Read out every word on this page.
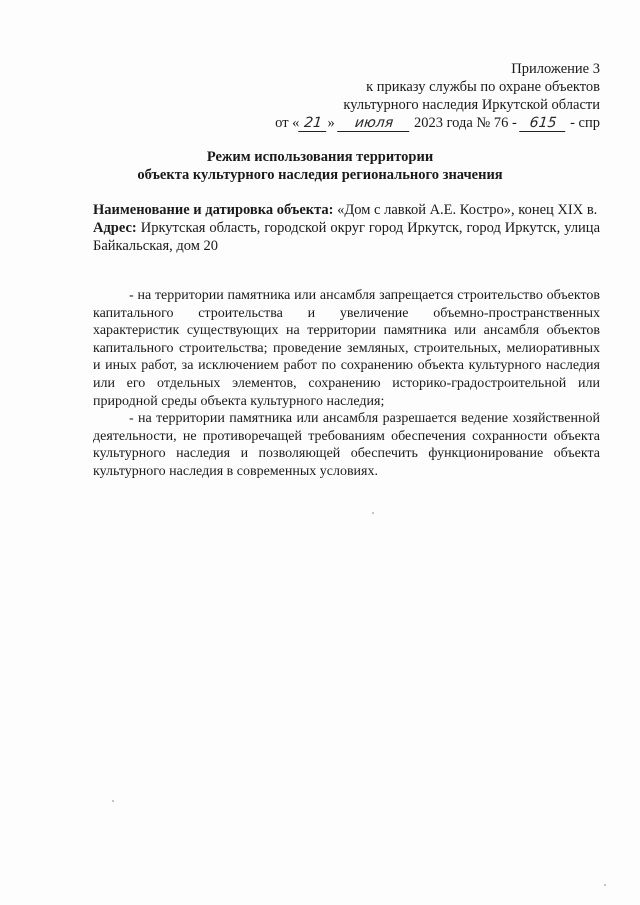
Приложение 3
к приказу службы по охране объектов
культурного наследия Иркутской области
от « 21 » июля 2023 года № 76 - 615 - спр
Режим использования территории
объекта культурного наследия регионального значения

Наименование и датировка объекта: «Дом с лавкой А.Е. Костро», конец XIX в.

Адрес: Иркутская область, городской округ город Иркутск, город Иркутск, улица Байкальская, дом 20

- на территории памятника или ансамбля запрещается строительство объектов капитального строительства и увеличение объемно-пространственных характеристик существующих на территории памятника или ансамбля объектов капитального строительства; проведение земляных, строительных, мелиоративных и иных работ, за исключением работ по сохранению объекта культурного наследия или его отдельных элементов, сохранению историко-градостроительной или природной среды объекта культурного наследия;

- на территории памятника или ансамбля разрешается ведение хозяйственной деятельности, не противоречащей требованиям обеспечения сохранности объекта культурного наследия и позволяющей обеспечить функционирование объекта культурного наследия в современных условиях.
